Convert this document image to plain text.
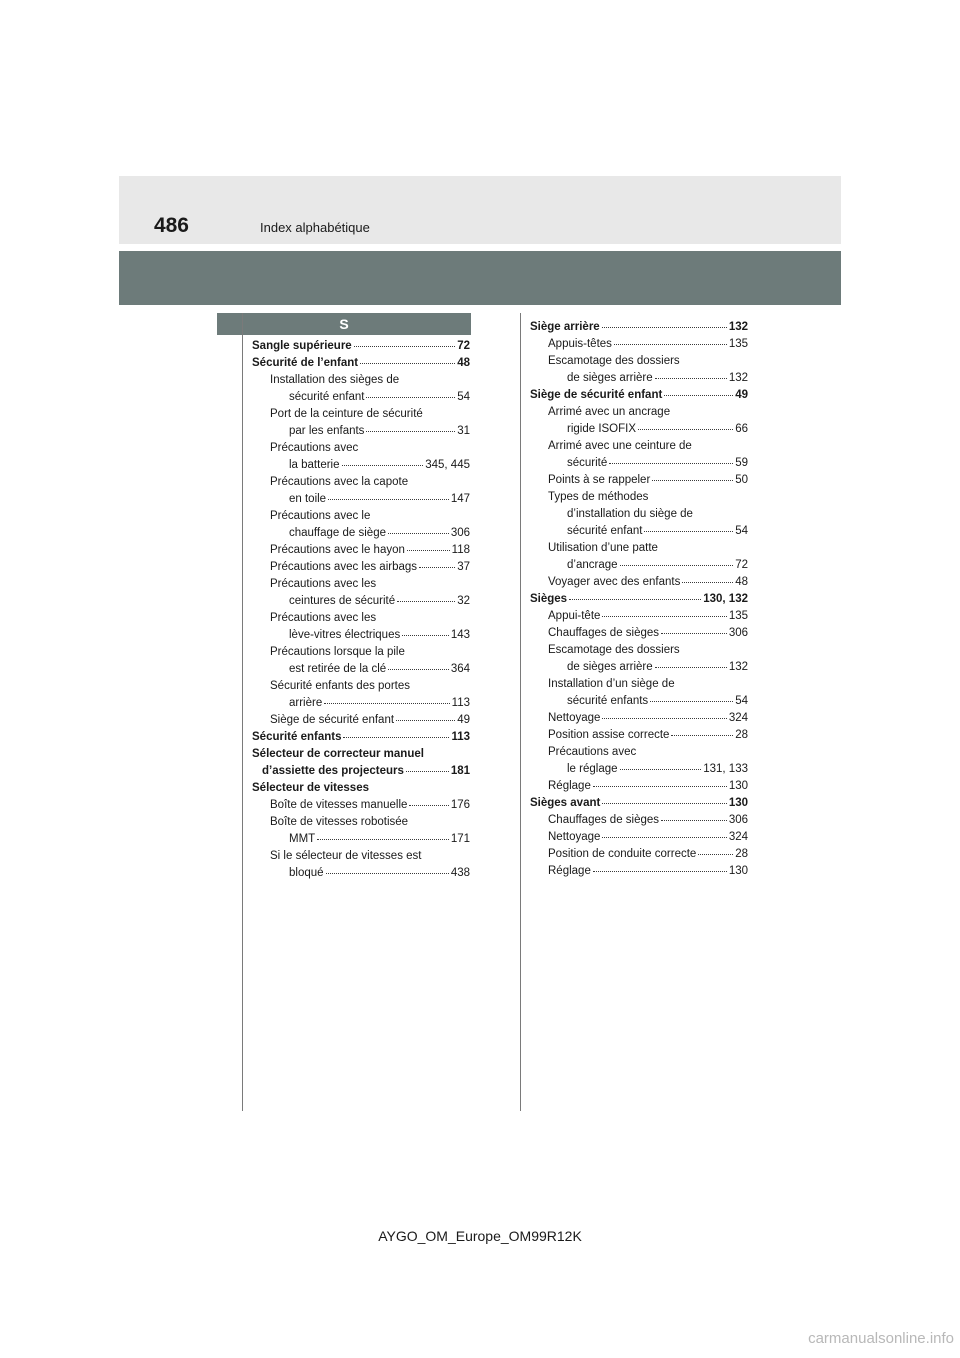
486	Index alphabétique
S
Sangle supérieure	72
Sécurité de l’enfant	48
Installation des sièges de
sécurité enfant	54
Port de la ceinture de sécurité
par les enfants	31
Précautions avec
la batterie	345, 445
Précautions avec la capote
en toile	147
Précautions avec le
chauffage de siège	306
Précautions avec le hayon	118
Précautions avec les airbags	37
Précautions avec les
ceintures de sécurité	32
Précautions avec les
lève-vitres électriques	143
Précautions lorsque la pile
est retirée de la clé	364
Sécurité enfants des portes
arrière	113
Siège de sécurité enfant	49
Sécurité enfants	113
Sélecteur de correcteur manuel
d’assiette des projecteurs	181
Sélecteur de vitesses
Boîte de vitesses manuelle	176
Boîte de vitesses robotisée
MMT	171
Si le sélecteur de vitesses est
bloqué	438
Siège arrière	132
Appuis-têtes	135
Escamotage des dossiers
de sièges arrière	132
Siège de sécurité enfant	49
Arrimé avec un ancrage
rigide ISOFIX	66
Arrimé avec une ceinture de
sécurité	59
Points à se rappeler	50
Types de méthodes
d’installation du siège de
sécurité enfant	54
Utilisation d’une patte
d’ancrage	72
Voyager avec des enfants	48
Sièges	130, 132
Appui-tête	135
Chauffages de sièges	306
Escamotage des dossiers
de sièges arrière	132
Installation d’un siège de
sécurité enfants	54
Nettoyage	324
Position assise correcte	28
Précautions avec
le réglage	131, 133
Réglage	130
Sièges avant	130
Chauffages de sièges	306
Nettoyage	324
Position de conduite correcte	28
Réglage	130
AYGO_OM_Europe_OM99R12K
carmanualsonline.info
